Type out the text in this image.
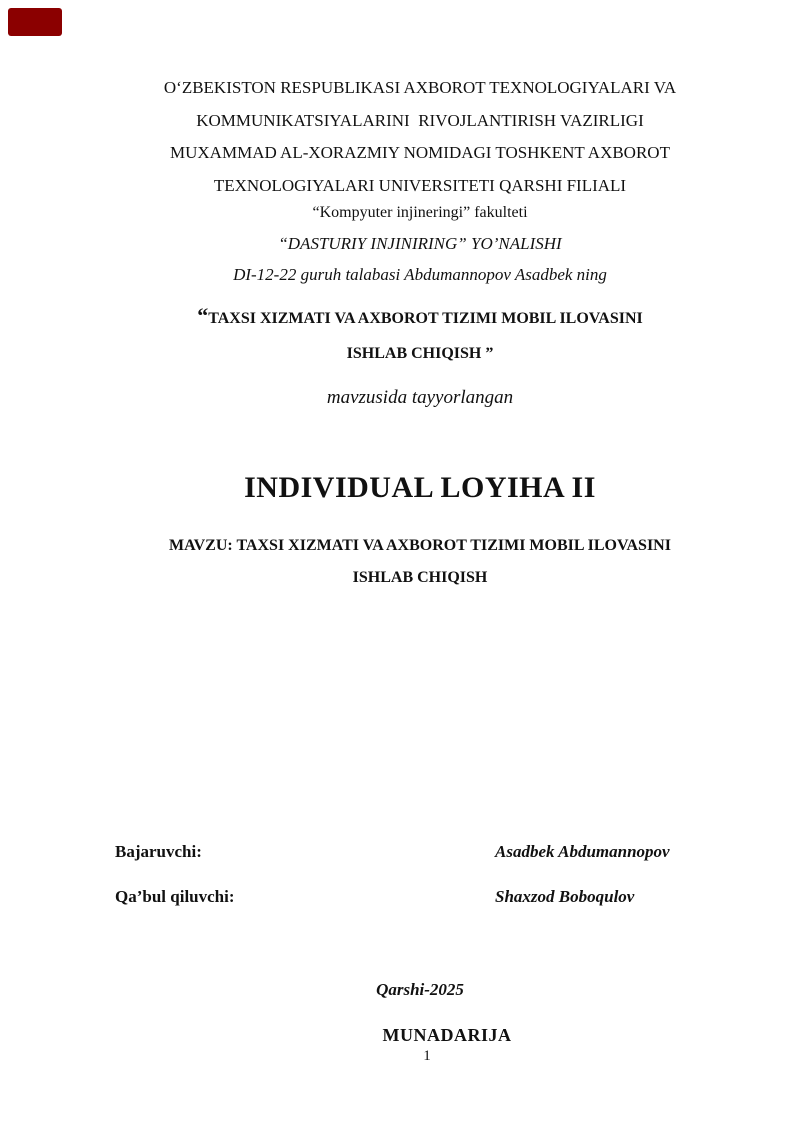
O‘ZBEKISTON RESPUBLIKASI AXBOROT TEXNOLOGIYALARI VA
KOMMUNIKATSIYALARINI  RIVOJLANTIRISH VAZIRLIGI
MUXAMMAD AL-XORAZMIY NOMIDAGI TOSHKENT AXBOROT
TEXNOLOGIYALARI UNIVERSITETI QARSHI FILIALI
“Kompyuter injineringi” fakulteti
“DASTURIY INJINIRING” YO’NALISHI
DI-12-22 guruh talabasi Abdumannopov Asadbek ning
“TAXSI XIZMATI VA AXBOROT TIZIMI MOBIL ILOVASINI
ISHLAB CHIQISH ”
mavzusida tayyorlangan
INDIVIDUAL LOYIHA II
MAVZU: TAXSI XIZMATI VA AXBOROT TIZIMI MOBIL ILOVASINI
ISHLAB CHIQISH
Bajaruvchi:	Asadbek Abdumannopov
Qa’bul qiluvchi:	Shaxzod Boboqulov
Qarshi-2025
MUNADARIJA
1
